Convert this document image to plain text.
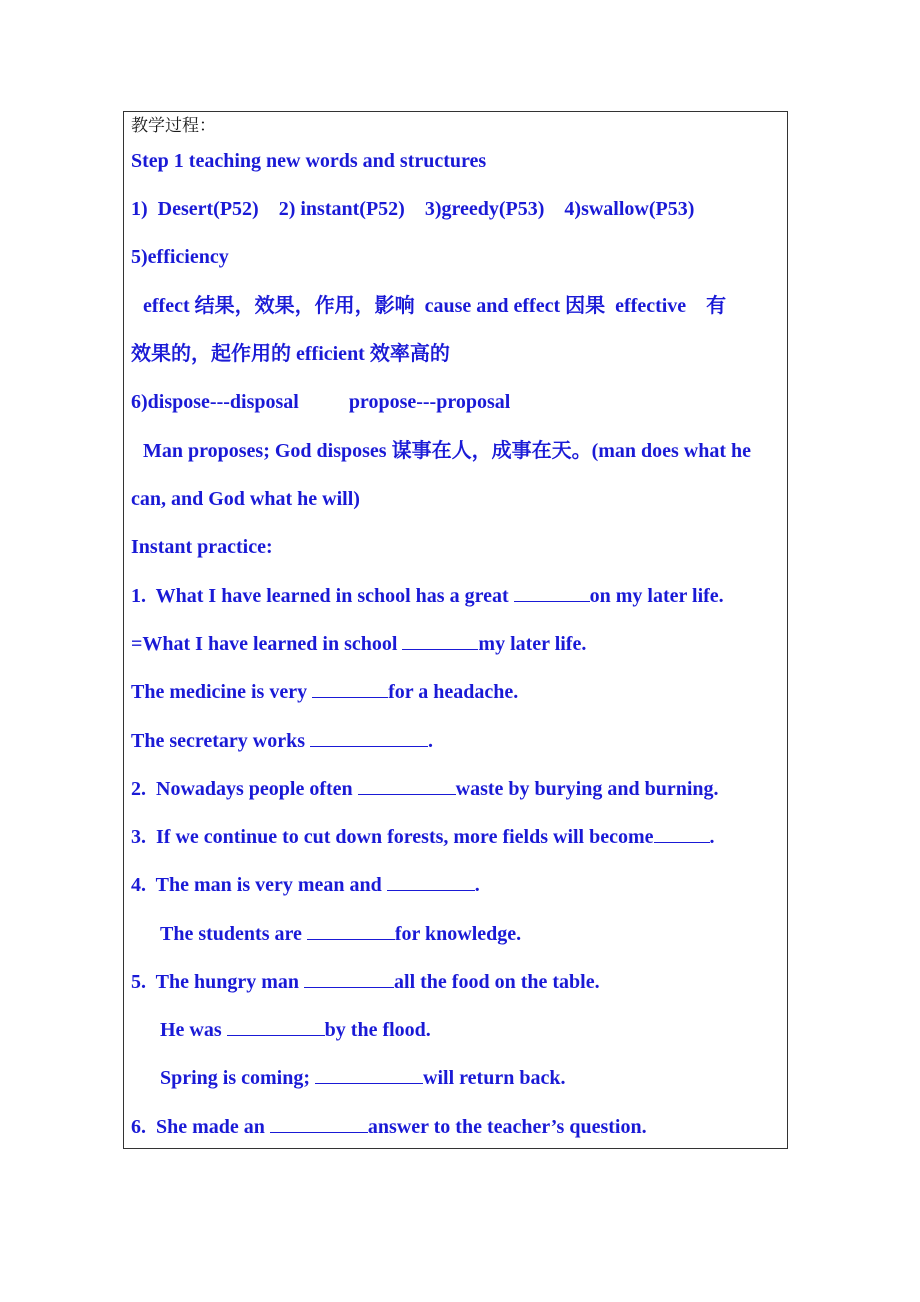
教学过程：
Step 1 teaching new words and structures
1)  Desert(P52)    2) instant(P52)    3)greedy(P53)    4)swallow(P53)
5)efficiency
effect 结果，效果，作用，影响  cause and effect 因果  effective    有
效果的，起作用的 efficient 效率高的
6)dispose---disposal          propose---proposal
Man proposes; God disposes 谋事在人，成事在天。(man does what he
can, and God what he will)
Instant practice:
1.  What I have learned in school has a great	on my later life.
=What I have learned in school	my later life.
The medicine is very	for a headache.
The secretary works	.
2.  Nowadays people often	waste by burying and burning.
3.  If we continue to cut down forests, more fields will become	.
4.  The man is very mean and	.
The students are	for knowledge.
5.  The hungry man	all the food on the table.
He was	by the flood.
Spring is coming;	will return back.
6.  She made an	answer to the teacher’s question.
